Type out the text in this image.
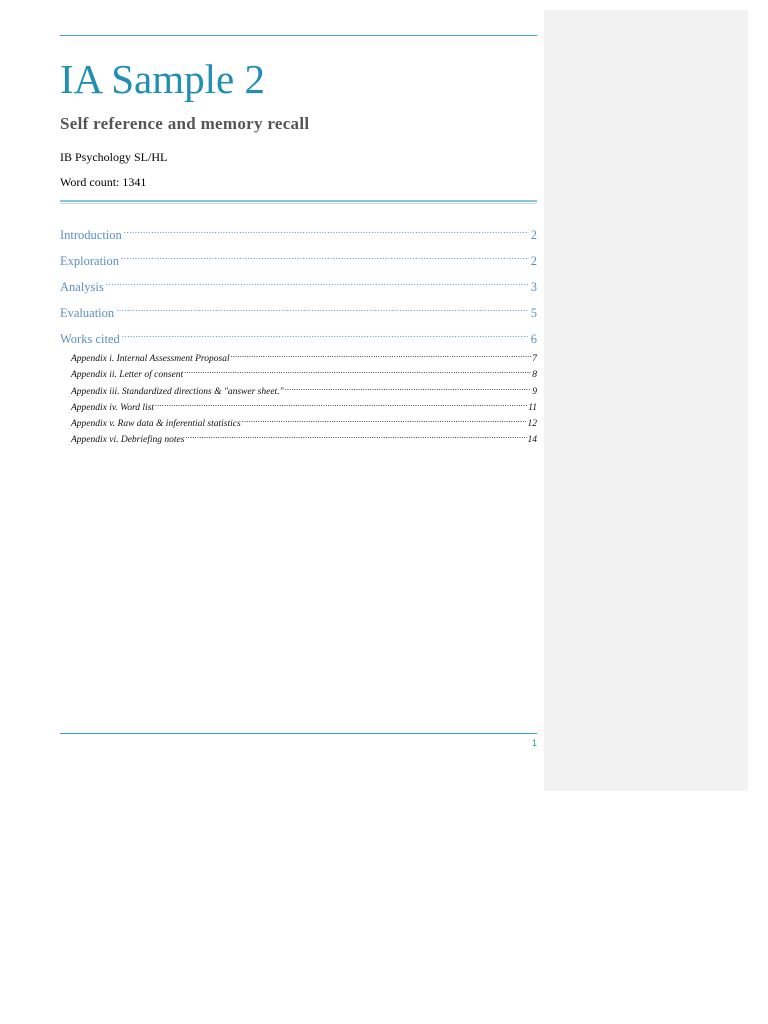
IA Sample 2
Self reference and memory recall

IB Psychology SL/HL

Word count: 1341

Introduction .....	2
Exploration .....	2
Analysis .....	3
Evaluation .....	5
Works cited .....	6
Appendix i. Internal Assessment Proposal .....	7
Appendix ii. Letter of consent .....	8
Appendix iii. Standardized directions & "answer sheet." .....	9
Appendix iv. Word list .....	11
Appendix v. Raw data & inferential statistics .....	12
Appendix vi. Debriefing notes .....	14
1
